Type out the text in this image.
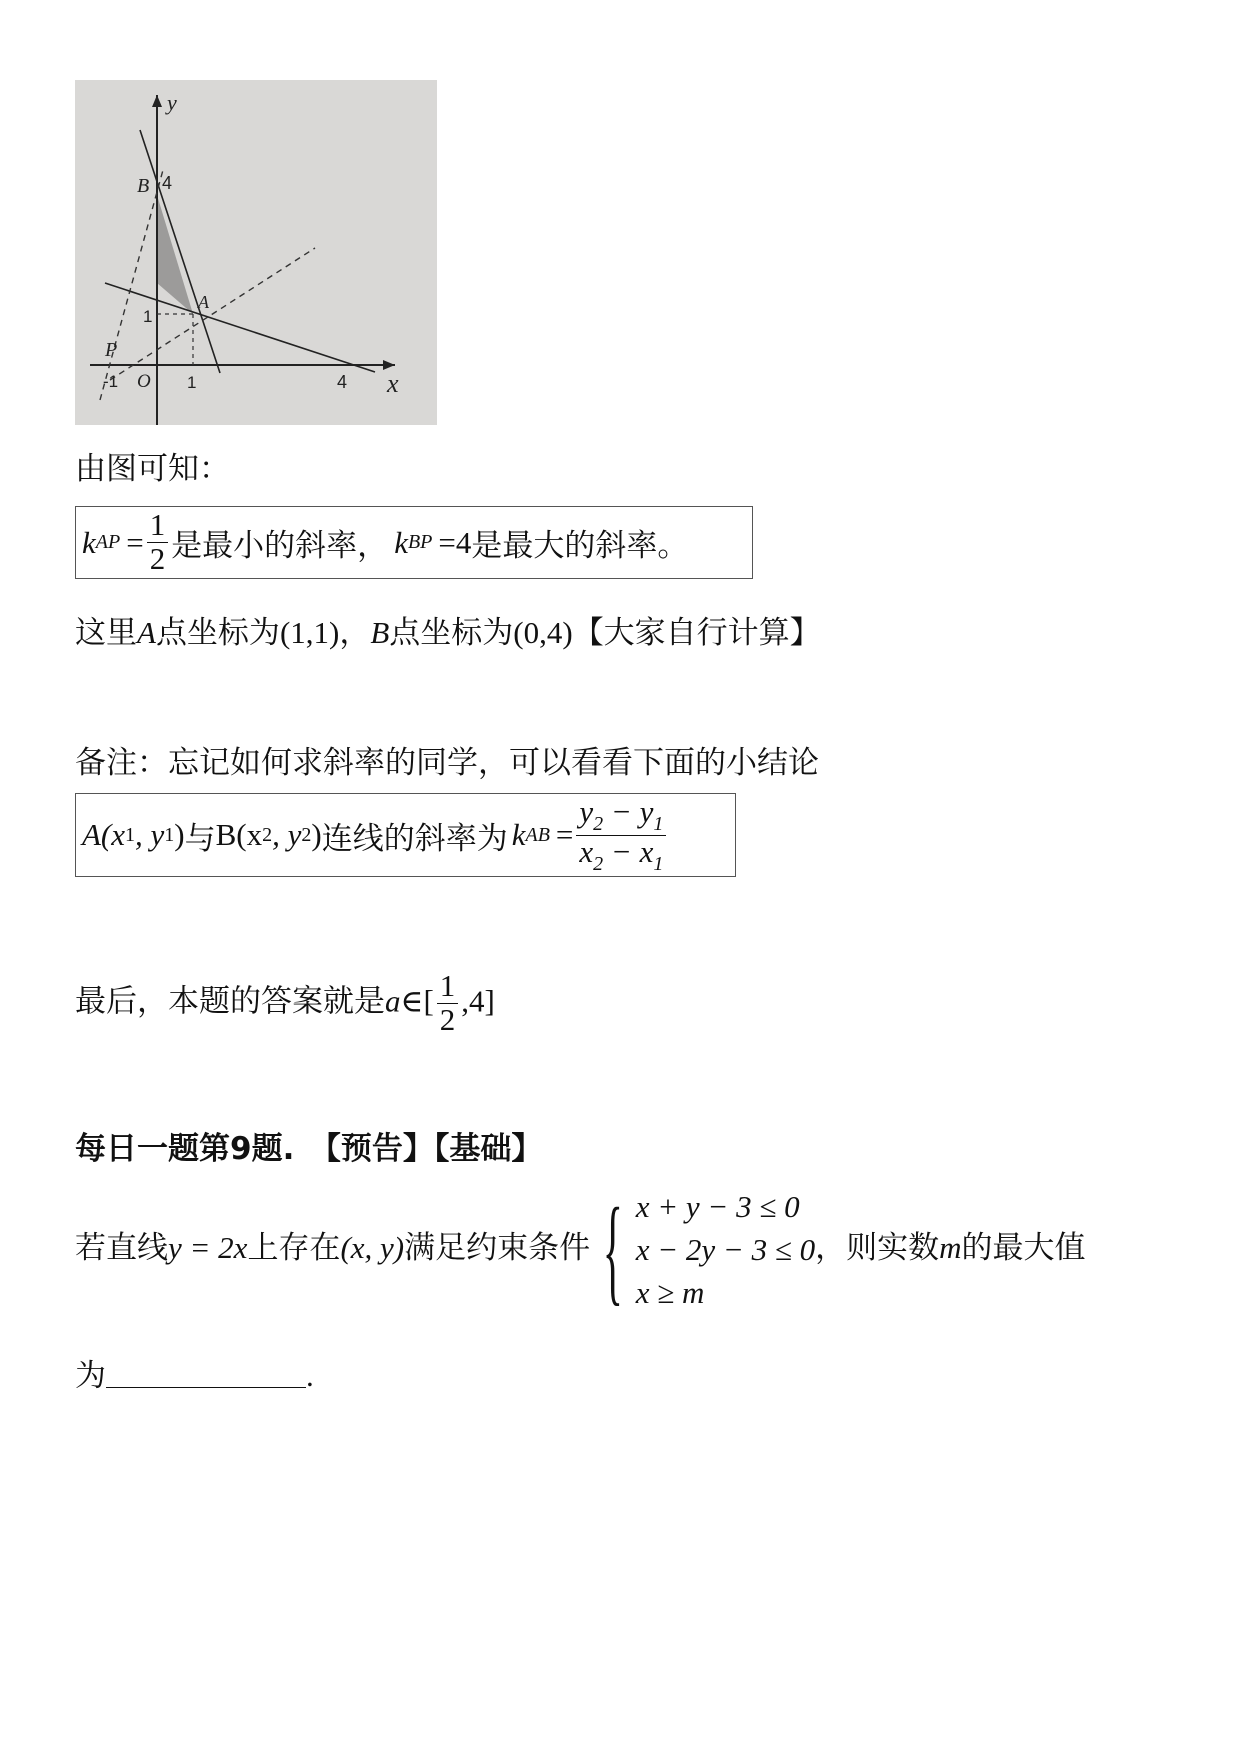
y
x
B 4
A
1
P
-1 O 1	4
由图可知：
k AP = $\frac{1}{2}$ 是最小的斜率， k BP =4 是最大的斜率。
这里A点坐标为(1,1)，B点坐标为(0,4)【大家自行计算】
备注：忘记如何求斜率的同学，可以看看下面的小结论
A(x 1 , y 1 ) 与 B(x 2 , y 2 ) 连线的斜率为 k AB = $\frac{y_2 - y_1}{x_2 - x_1}$
最后，本题的答案就是a∈[ $\frac{1}{2} ,4$]
每日一题第9题.　【预告】【基础】
若直线y = 2x上存在(x, y)满足约束条件 { x + y − 3 ≤ 0
x − 2y − 3 ≤ 0
x ≥ m
，则实数m的最大值
为	.
